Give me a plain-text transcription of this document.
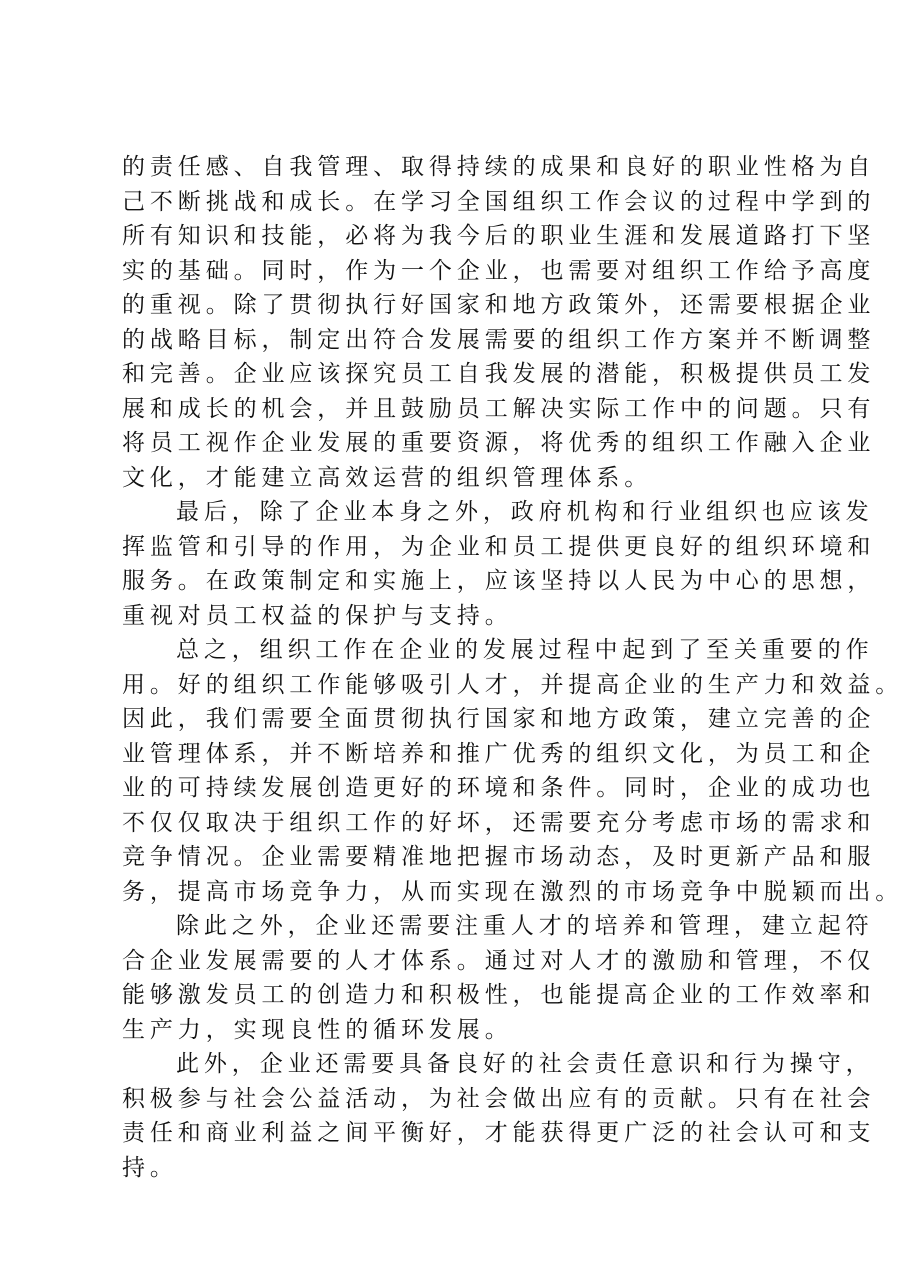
的责任感、自我管理、取得持续的成果和良好的职业性格为自
己不断挑战和成长。在学习全国组织工作会议的过程中学到的
所有知识和技能，必将为我今后的职业生涯和发展道路打下坚
实的基础。同时，作为一个企业，也需要对组织工作给予高度
的重视。除了贯彻执行好国家和地方政策外，还需要根据企业
的战略目标，制定出符合发展需要的组织工作方案并不断调整
和完善。企业应该探究员工自我发展的潜能，积极提供员工发
展和成长的机会，并且鼓励员工解决实际工作中的问题。只有
将员工视作企业发展的重要资源，将优秀的组织工作融入企业
文化，才能建立高效运营的组织管理体系。
最后，除了企业本身之外，政府机构和行业组织也应该发
挥监管和引导的作用，为企业和员工提供更良好的组织环境和
服务。在政策制定和实施上，应该坚持以人民为中心的思想，
重视对员工权益的保护与支持。
总之，组织工作在企业的发展过程中起到了至关重要的作
用。好的组织工作能够吸引人才，并提高企业的生产力和效益。
因此，我们需要全面贯彻执行国家和地方政策，建立完善的企
业管理体系，并不断培养和推广优秀的组织文化，为员工和企
业的可持续发展创造更好的环境和条件。同时，企业的成功也
不仅仅取决于组织工作的好坏，还需要充分考虑市场的需求和
竞争情况。企业需要精准地把握市场动态，及时更新产品和服
务，提高市场竞争力，从而实现在激烈的市场竞争中脱颖而出。
除此之外，企业还需要注重人才的培养和管理，建立起符
合企业发展需要的人才体系。通过对人才的激励和管理，不仅
能够激发员工的创造力和积极性，也能提高企业的工作效率和
生产力，实现良性的循环发展。
此外，企业还需要具备良好的社会责任意识和行为操守，
积极参与社会公益活动，为社会做出应有的贡献。只有在社会
责任和商业利益之间平衡好，才能获得更广泛的社会认可和支
持。
